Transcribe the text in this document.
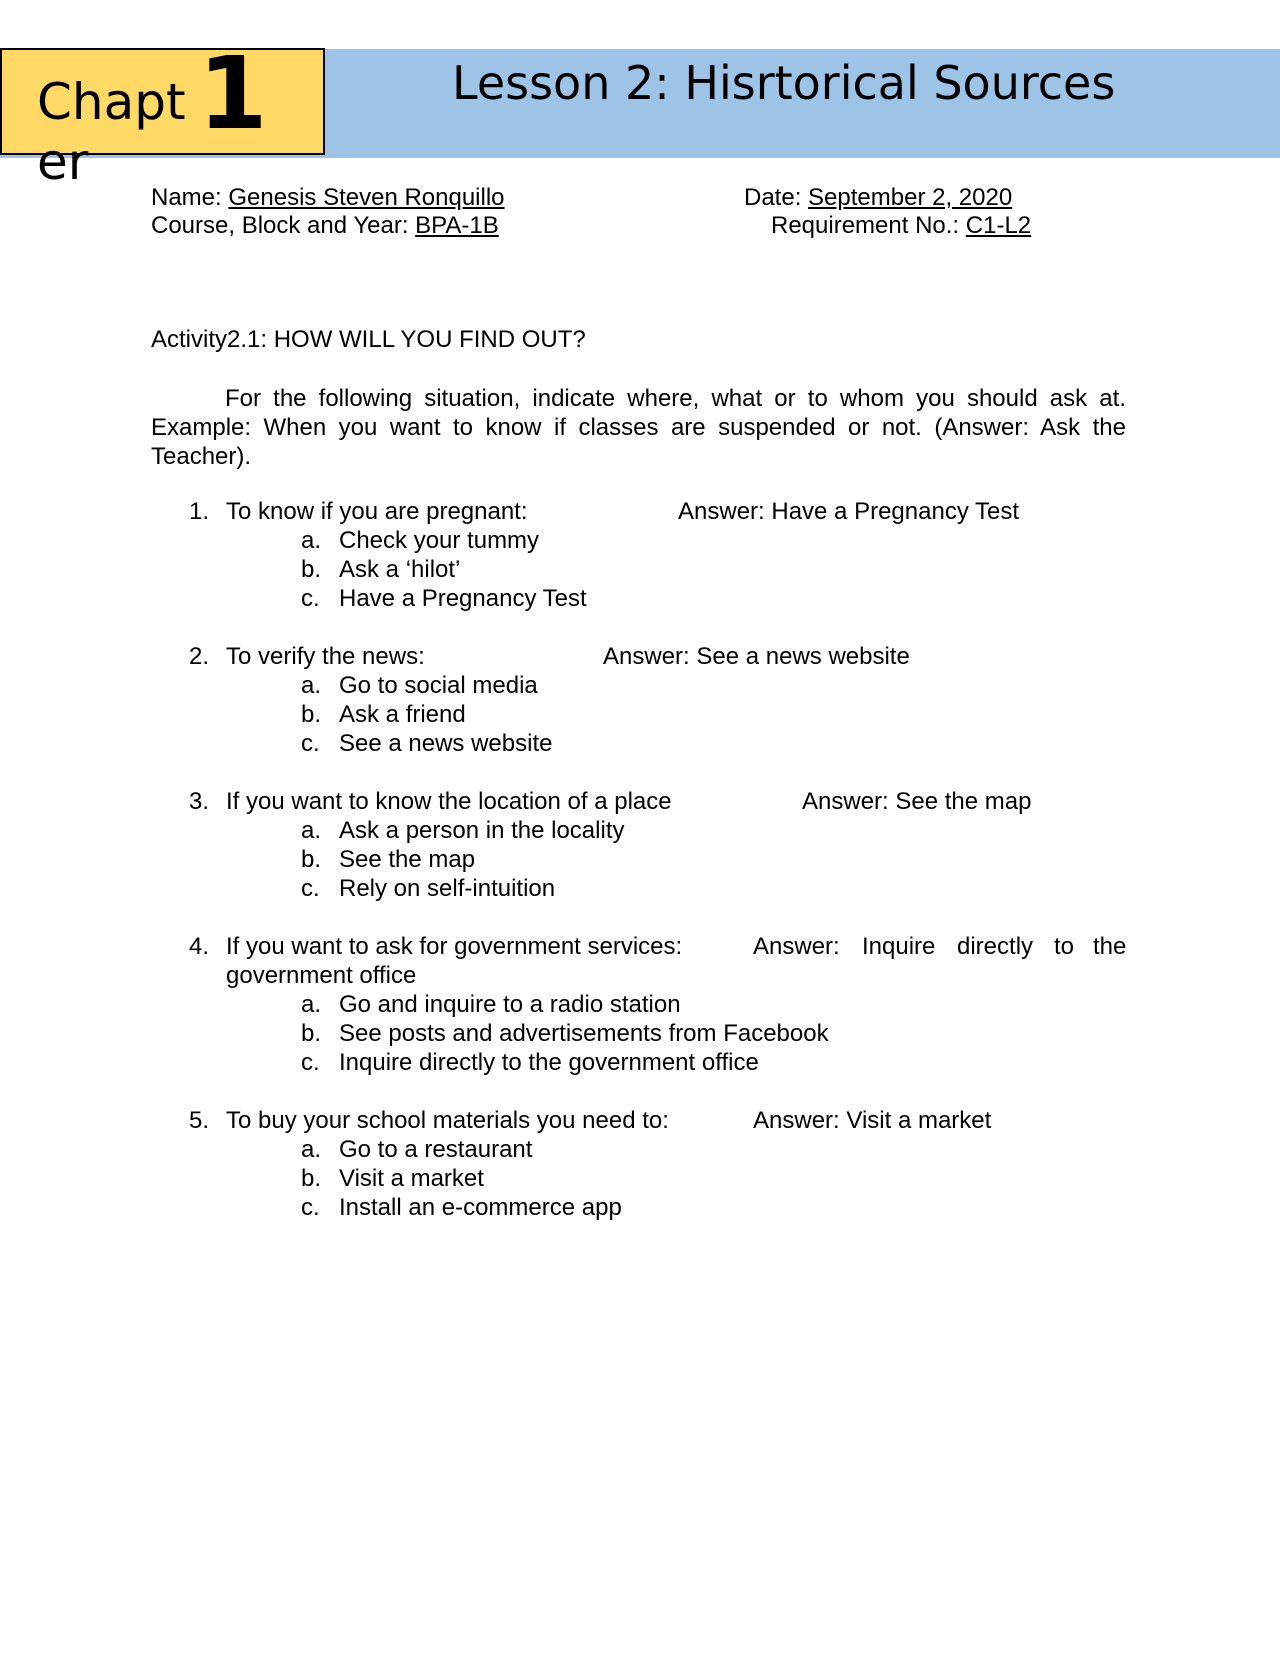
Chapter
1	Lesson 2: Hisrtorical Sources
Name: Genesis Steven Ronquillo	Date: September 2, 2020
Course, Block and Year: BPA-1B	Requirement No.: C1-L2
Activity2.1: HOW WILL YOU FIND OUT?

For the following situation, indicate where, what or to whom you should ask at. Example: When you want to know if classes are suspended or not. (Answer: Ask the Teacher).

1. To know if you are pregnant:	Answer: Have a Pregnancy Test
a. Check your tummy
b. Ask a ‘hilot’
c. Have a Pregnancy Test
2. To verify the news:	Answer: See a news website
a. Go to social media
b. Ask a friend
c. See a news website
3. If you want to know the location of a place	Answer: See the map
a. Ask a person in the locality
b. See the map
c. Rely on self-intuition
4. If you want to ask for government services:	Answer: Inquire directly to the
government office
a. Go and inquire to a radio station
b. See posts and advertisements from Facebook
c. Inquire directly to the government office
5. To buy your school materials you need to:	Answer: Visit a market
a. Go to a restaurant
b. Visit a market
c. Install an e-commerce app
